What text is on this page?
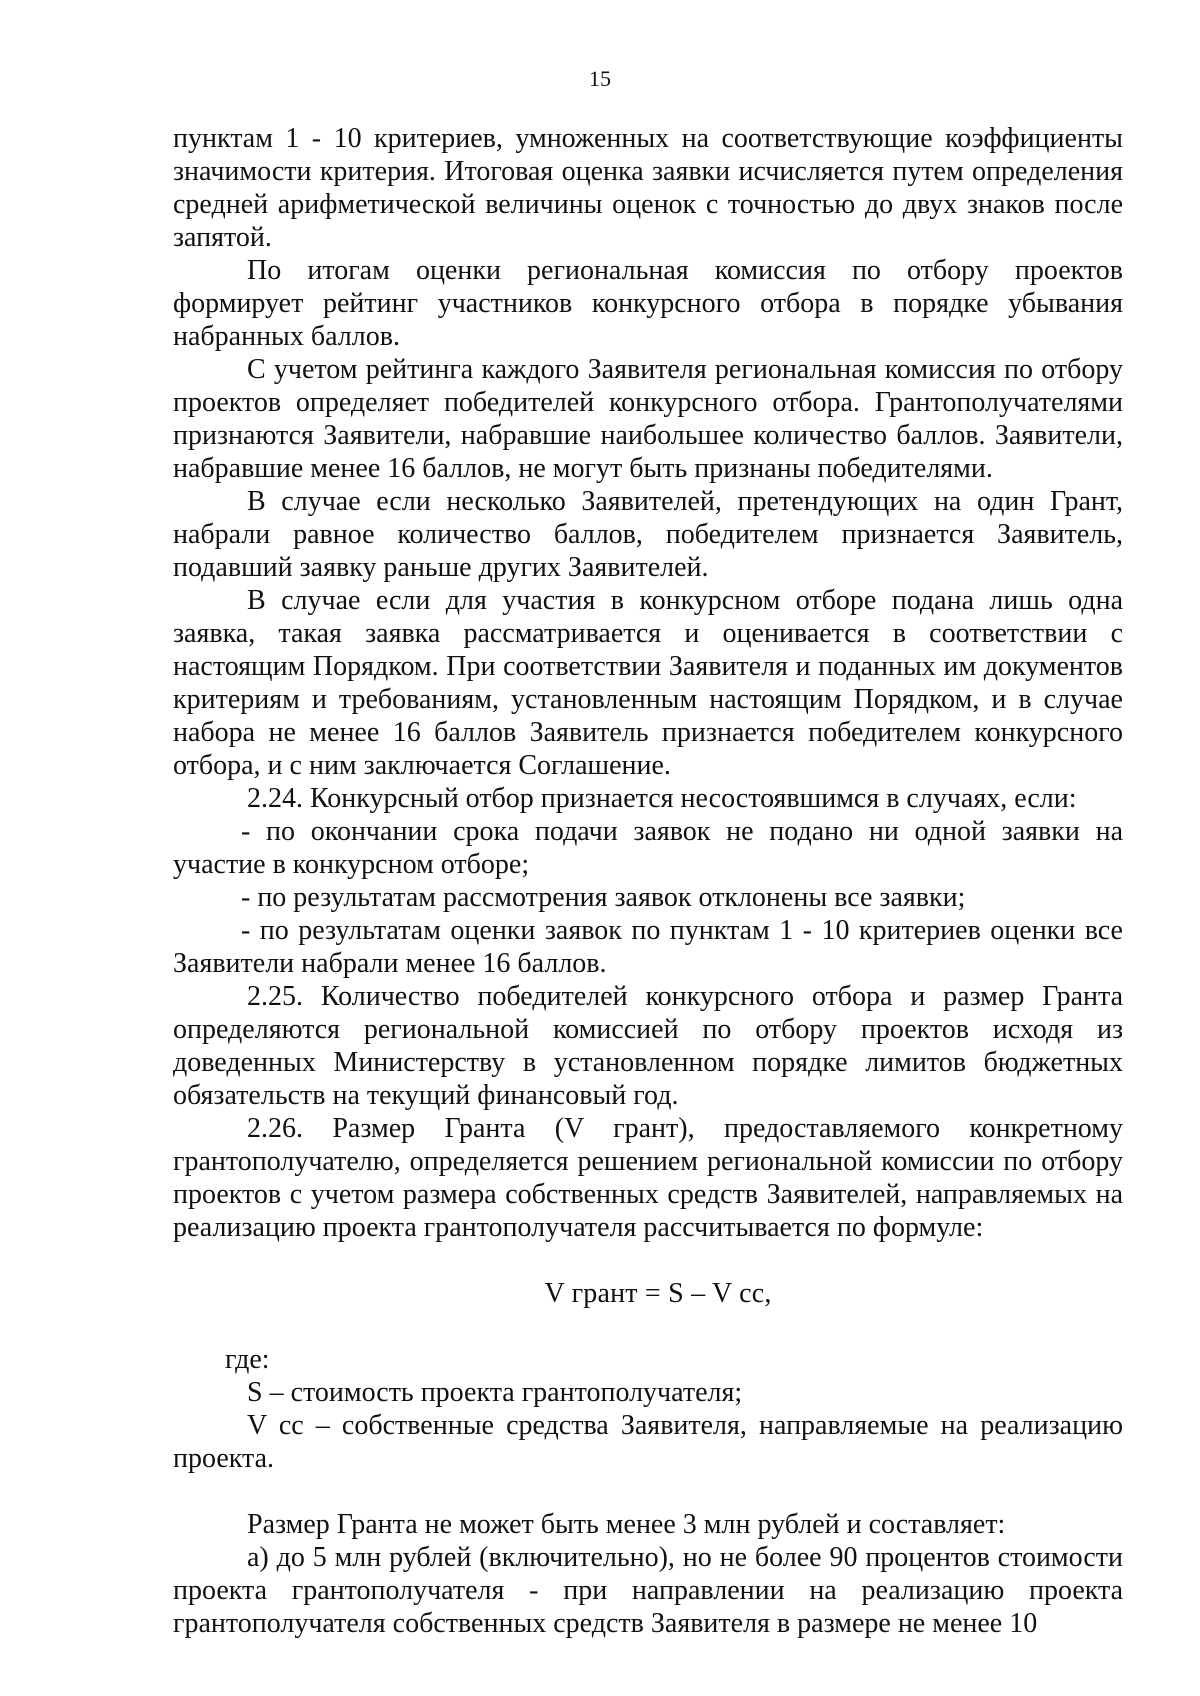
15

пунктам 1 - 10 критериев, умноженных на соответствующие коэффициенты значимости критерия. Итоговая оценка заявки исчисляется путем определения средней арифметической величины оценок с точностью до двух знаков после запятой.

По итогам оценки региональная комиссия по отбору проектов формирует рейтинг участников конкурсного отбора в порядке убывания набранных баллов.

С учетом рейтинга каждого Заявителя региональная комиссия по отбору проектов определяет победителей конкурсного отбора. Грантополучателями признаются Заявители, набравшие наибольшее количество баллов. Заявители, набравшие менее 16 баллов, не могут быть признаны победителями.

В случае если несколько Заявителей, претендующих на один Грант, набрали равное количество баллов, победителем признается Заявитель, подавший заявку раньше других Заявителей.

В случае если для участия в конкурсном отборе подана лишь одна заявка, такая заявка рассматривается и оценивается в соответствии с настоящим Порядком. При соответствии Заявителя и поданных им документов критериям и требованиям, установленным настоящим Порядком, и в случае набора не менее 16 баллов Заявитель признается победителем конкурсного отбора, и с ним заключается Соглашение.

2.24. Конкурсный отбор признается несостоявшимся в случаях, если:

- по окончании срока подачи заявок не подано ни одной заявки на участие в конкурсном отборе;

- по результатам рассмотрения заявок отклонены все заявки;

- по результатам оценки заявок по пунктам 1 - 10 критериев оценки все Заявители набрали менее 16 баллов.

2.25. Количество победителей конкурсного отбора и размер Гранта определяются региональной комиссией по отбору проектов исходя из доведенных Министерству в установленном порядке лимитов бюджетных обязательств на текущий финансовый год.

2.26. Размер Гранта (V грант), предоставляемого конкретному грантополучателю, определяется решением региональной комиссии по отбору проектов с учетом размера собственных средств Заявителей, направляемых на реализацию проекта грантополучателя рассчитывается по формуле:

V грант = S – V cc,

где:

S – стоимость проекта грантополучателя;

V cc – собственные средства Заявителя, направляемые на реализацию проекта.

Размер Гранта не может быть менее 3 млн рублей и составляет:

а) до 5 млн рублей (включительно), но не более 90 процентов стоимости проекта грантополучателя - при направлении на реализацию проекта грантополучателя собственных средств Заявителя в размере не менее 10
